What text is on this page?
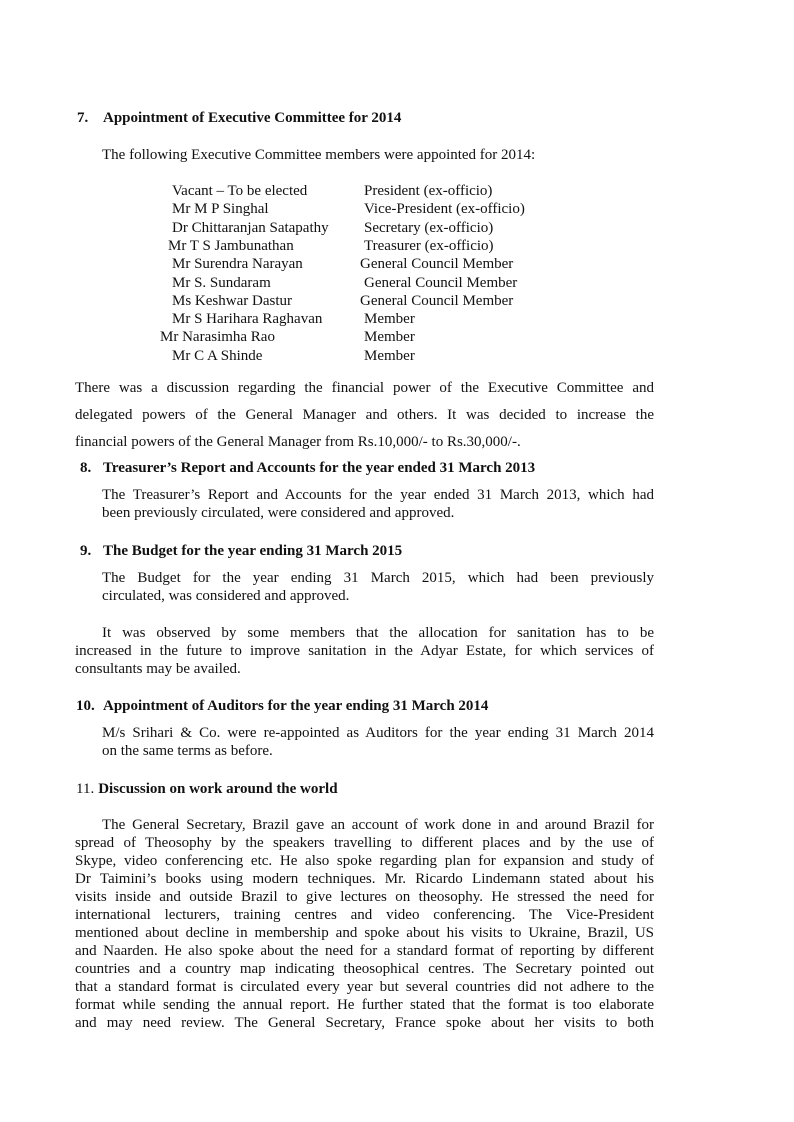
7. Appointment of Executive Committee for 2014
The following Executive Committee members were appointed for 2014:
Vacant – To be elected	President (ex-officio)
Mr M P Singhal	Vice-President (ex-officio)
Dr Chittaranjan Satapathy Secretary (ex-officio)
Mr T S Jambunathan	Treasurer (ex-officio)
Mr Surendra Narayan	General Council Member
Mr S. Sundaram	General Council Member
Ms Keshwar Dastur	General Council Member
Mr S Harihara Raghavan	Member
Mr Narasimha Rao	Member
Mr C A Shinde	Member
There was a discussion regarding the financial power of the Executive Committee and
delegated powers of the General Manager and others. It was decided to increase the
financial powers of the General Manager from Rs.10,000/- to Rs.30,000/-.
8. Treasurer’s Report and Accounts for the year ended 31 March 2013
The Treasurer’s Report and Accounts for the year ended 31 March 2013, which had
been previously circulated, were considered and approved.
9. The Budget for the year ending 31 March 2015
The Budget for the year ending 31 March 2015, which had been previously
circulated, was considered and approved.
It was observed by some members that the allocation for sanitation has to be
increased in the future to improve sanitation in the Adyar Estate, for which services of
consultants may be availed.
10. Appointment of Auditors for the year ending 31 March 2014
M/s Srihari & Co. were re-appointed as Auditors for the year ending 31 March 2014
on the same terms as before.
11. Discussion on work around the world
The General Secretary, Brazil gave an account of work done in and around Brazil for
spread of Theosophy by the speakers travelling to different places and by the use of
Skype, video conferencing etc. He also spoke regarding plan for expansion and study of
Dr Taimini’s books using modern techniques. Mr. Ricardo Lindemann stated about his
visits inside and outside Brazil to give lectures on theosophy. He stressed the need for
international lecturers, training centres and video conferencing. The Vice-President
mentioned about decline in membership and spoke about his visits to Ukraine, Brazil, US
and Naarden. He also spoke about the need for a standard format of reporting by different
countries and a country map indicating theosophical centres. The Secretary pointed out
that a standard format is circulated every year but several countries did not adhere to the
format while sending the annual report. He further stated that the format is too elaborate
and may need review. The General Secretary, France spoke about her visits to both
